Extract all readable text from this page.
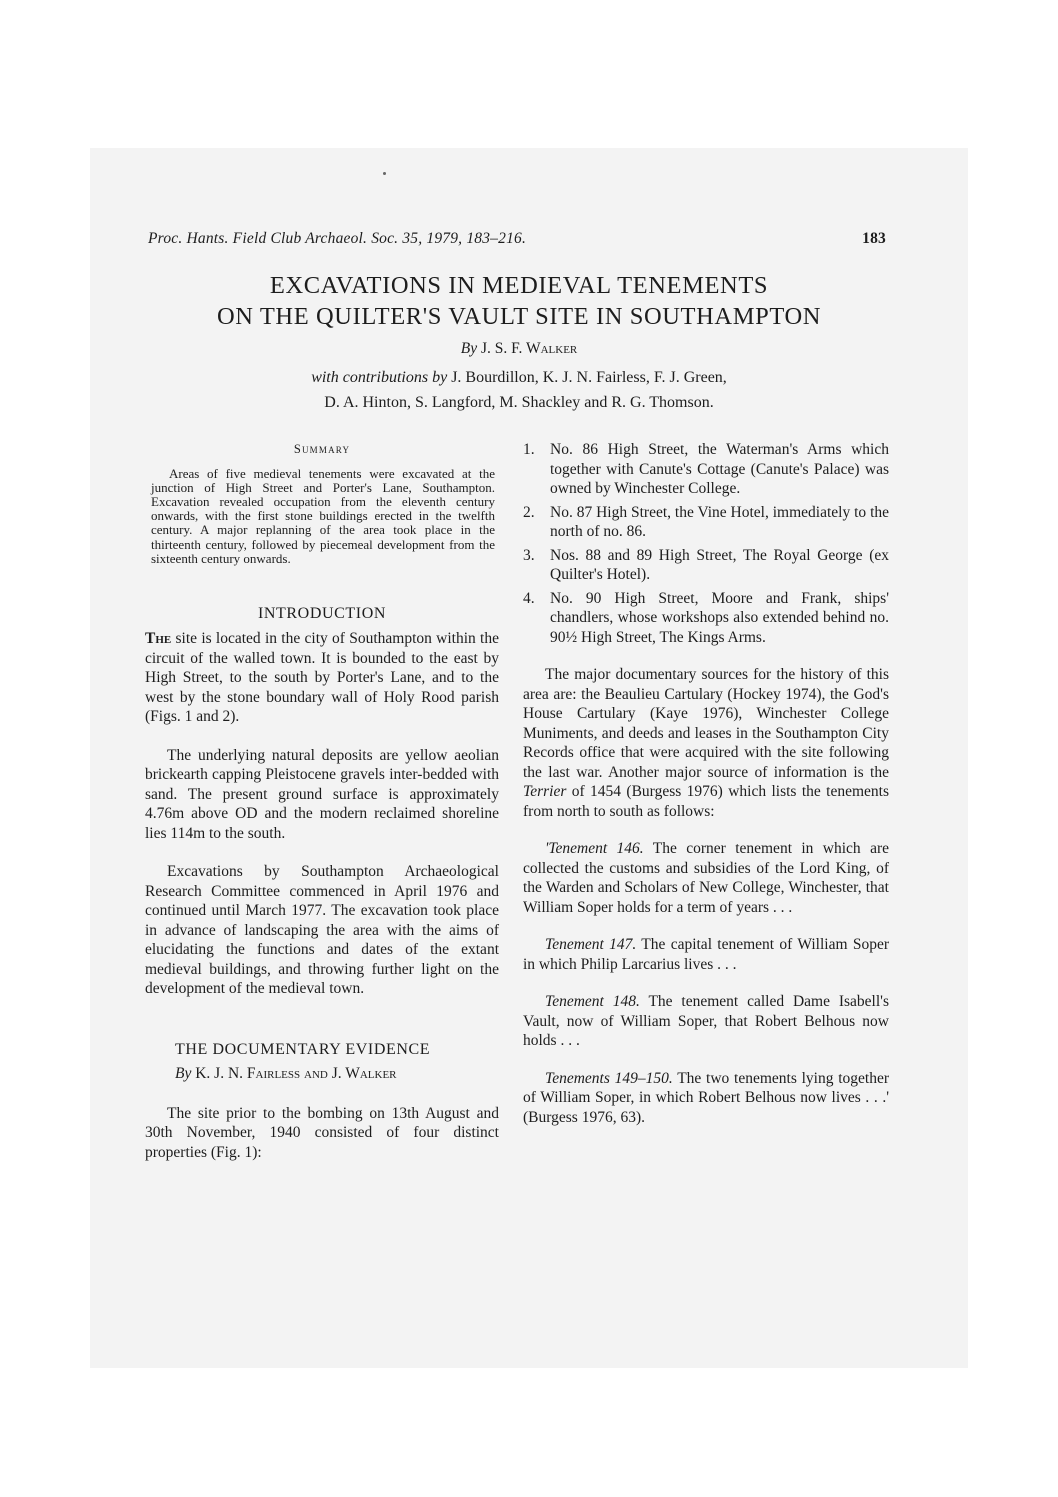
Proc. Hants. Field Club Archaeol. Soc. 35, 1979, 183–216.	183
EXCAVATIONS IN MEDIEVAL TENEMENTS
ON THE QUILTER'S VAULT SITE IN SOUTHAMPTON
By J. S. F. Walker
with contributions by J. Bourdillon, K. J. N. Fairless, F. J. Green,
D. A. Hinton, S. Langford, M. Shackley and R. G. Thomson.
Summary

Areas of five medieval tenements were excavated at the junction of High Street and Porter's Lane, Southampton. Excavation revealed occupation from the eleventh century onwards, with the first stone buildings erected in the twelfth century. A major replanning of the area took place in the thirteenth century, followed by piecemeal development from the sixteenth century onwards.

INTRODUCTION

The site is located in the city of Southampton within the circuit of the walled town. It is bounded to the east by High Street, to the south by Porter's Lane, and to the west by the stone boundary wall of Holy Rood parish (Figs. 1 and 2).

The underlying natural deposits are yellow aeolian brickearth capping Pleistocene gravels inter-bedded with sand. The present ground surface is approximately 4.76m above OD and the modern reclaimed shoreline lies 114m to the south.

Excavations by Southampton Archaeological Research Committee commenced in April 1976 and continued until March 1977. The excavation took place in advance of landscaping the area with the aims of elucidating the functions and dates of the extant medieval buildings, and throwing further light on the development of the medieval town.

THE DOCUMENTARY EVIDENCE
By K. J. N. Fairless and J. Walker

The site prior to the bombing on 13th August and 30th November, 1940 consisted of four distinct properties (Fig. 1):

1. No. 86 High Street, the Waterman's Arms which together with Canute's Cottage (Canute's Palace) was owned by Winchester College.
2. No. 87 High Street, the Vine Hotel, immediately to the north of no. 86.
3. Nos. 88 and 89 High Street, The Royal George (ex Quilter's Hotel).
4. No. 90 High Street, Moore and Frank, ships' chandlers, whose workshops also extended behind no. 90½ High Street, The Kings Arms.

The major documentary sources for the history of this area are: the Beaulieu Cartulary (Hockey 1974), the God's House Cartulary (Kaye 1976), Winchester College Muniments, and deeds and leases in the Southampton City Records office that were acquired with the site following the last war. Another major source of information is the Terrier of 1454 (Burgess 1976) which lists the tenements from north to south as follows:

'Tenement 146. The corner tenement in which are collected the customs and subsidies of the Lord King, of the Warden and Scholars of New College, Winchester, that William Soper holds for a term of years . . .

Tenement 147. The capital tenement of William Soper in which Philip Larcarius lives . . .

Tenement 148. The tenement called Dame Isabell's Vault, now of William Soper, that Robert Belhous now holds . . .

Tenements 149–150. The two tenements lying together of William Soper, in which Robert Belhous now lives . . .' (Burgess 1976, 63).
